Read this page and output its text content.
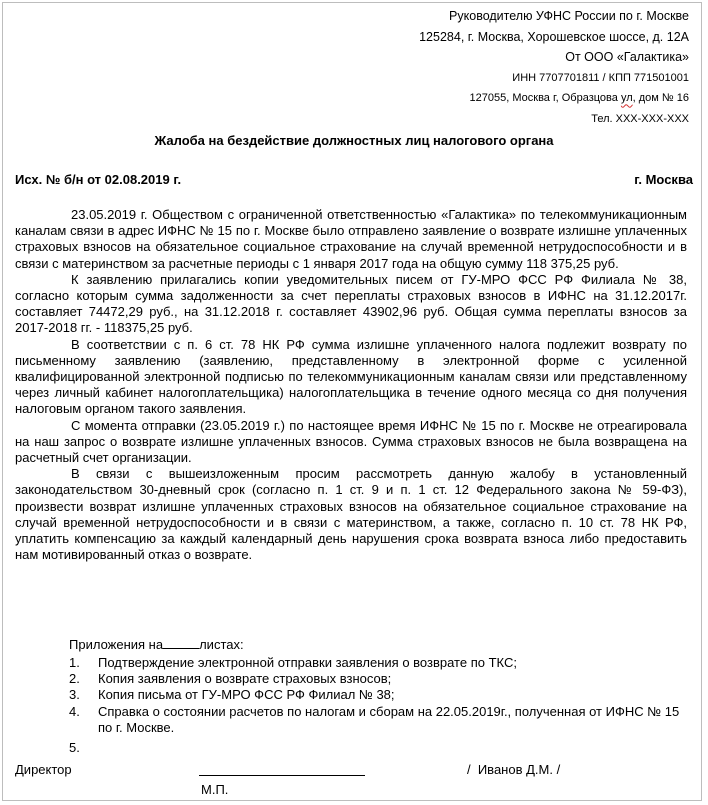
Руководителю УФНС России по г. Москве
125284, г. Москва, Хорошевское шоссе, д. 12А
От ООО «Галактика»
ИНН 7707701811 / КПП 771501001
127055, Москва г, Образцова ул, дом № 16
Тел. ХХХ-ХХХ-ХХХ
Жалоба на бездействие должностных лиц налогового органа
Исх. № б/н от 02.08.2019 г.	г. Москва

23.05.2019 г. Обществом с ограниченной ответственностью «Галактика» по телекоммуникационным каналам связи в адрес ИФНС № 15 по г. Москве было отправлено заявление о возврате излишне уплаченных страховых взносов на обязательное социальное страхование на случай временной нетрудоспособности и в связи с материнством за расчетные периоды с 1 января 2017 года на общую сумму 118 375,25 руб.

К заявлению прилагались копии уведомительных писем от ГУ-МРО ФСС РФ Филиала № 38, согласно которым сумма задолженности за счет переплаты страховых взносов в ИФНС на 31.12.2017г. составляет 74472,29 руб., на 31.12.2018 г. составляет 43902,96 руб. Общая сумма переплаты взносов за 2017-2018 гг. - 118375,25 руб.

В соответствии с п. 6 ст. 78 НК РФ сумма излишне уплаченного налога подлежит возврату по письменному заявлению (заявлению, представленному в электронной форме с усиленной квалифицированной электронной подписью по телекоммуникационным каналам связи или представленному через личный кабинет налогоплательщика) налогоплательщика в течение одного месяца со дня получения налоговым органом такого заявления.

С момента отправки (23.05.2019 г.) по настоящее время ИФНС № 15 по г. Москве не отреагировала на наш запрос о возврате излишне уплаченных взносов. Сумма страховых взносов не была возвращена на расчетный счет организации.

В связи с вышеизложенным просим рассмотреть данную жалобу в установленный законодательством 30-дневный срок (согласно п. 1 ст. 9 и п. 1 ст. 12 Федерального закона № 59-ФЗ), произвести возврат излишне уплаченных страховых взносов на обязательное социальное страхование на случай временной нетрудоспособности и в связи с материнством, а также, согласно п. 10 ст. 78 НК РФ, уплатить компенсацию за каждый календарный день нарушения срока возврата взноса либо предоставить нам мотивированный отказ о возврате.

Приложения на	листах:
1. Подтверждение электронной отправки заявления о возврате по ТКС;
2. Копия заявления о возврате страховых взносов;
3. Копия письма от ГУ-МРО ФСС РФ Филиал № 38;
4. Справка о состоянии расчетов по налогам и сборам на 22.05.2019г., полученная от ИФНС № 15 по г. Москве.
5.

Директор	/  Иванов Д.М. /
М.П.
